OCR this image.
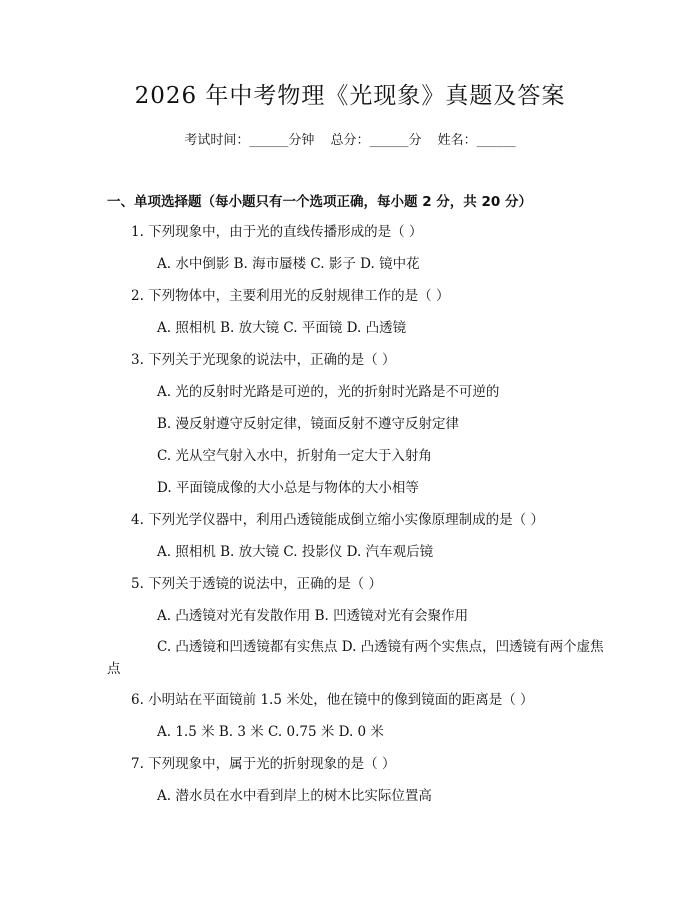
2026 年中考物理《光现象》真题及答案
考试时间：______分钟 总分：______分 姓名：______
一、单项选择题（每小题只有一个选项正确，每小题 2 分，共 20 分）
1. 下列现象中，由于光的直线传播形成的是（ ）
A. 水中倒影 B. 海市蜃楼 C. 影子 D. 镜中花
2. 下列物体中，主要利用光的反射规律工作的是（ ）
A. 照相机 B. 放大镜 C. 平面镜 D. 凸透镜
3. 下列关于光现象的说法中，正确的是（ ）
A. 光的反射时光路是可逆的，光的折射时光路是不可逆的
B. 漫反射遵守反射定律，镜面反射不遵守反射定律
C. 光从空气射入水中，折射角一定大于入射角
D. 平面镜成像的大小总是与物体的大小相等
4. 下列光学仪器中，利用凸透镜能成倒立缩小实像原理制成的是（ ）
A. 照相机 B. 放大镜 C. 投影仪 D. 汽车观后镜
5. 下列关于透镜的说法中，正确的是（ ）
A. 凸透镜对光有发散作用 B. 凹透镜对光有会聚作用
C. 凸透镜和凹透镜都有实焦点 D. 凸透镜有两个实焦点，凹透镜有两个虚焦点
6. 小明站在平面镜前 1.5 米处，他在镜中的像到镜面的距离是（ ）
A. 1.5 米 B. 3 米 C. 0.75 米 D. 0 米
7. 下列现象中，属于光的折射现象的是（ ）
A. 潜水员在水中看到岸上的树木比实际位置高
